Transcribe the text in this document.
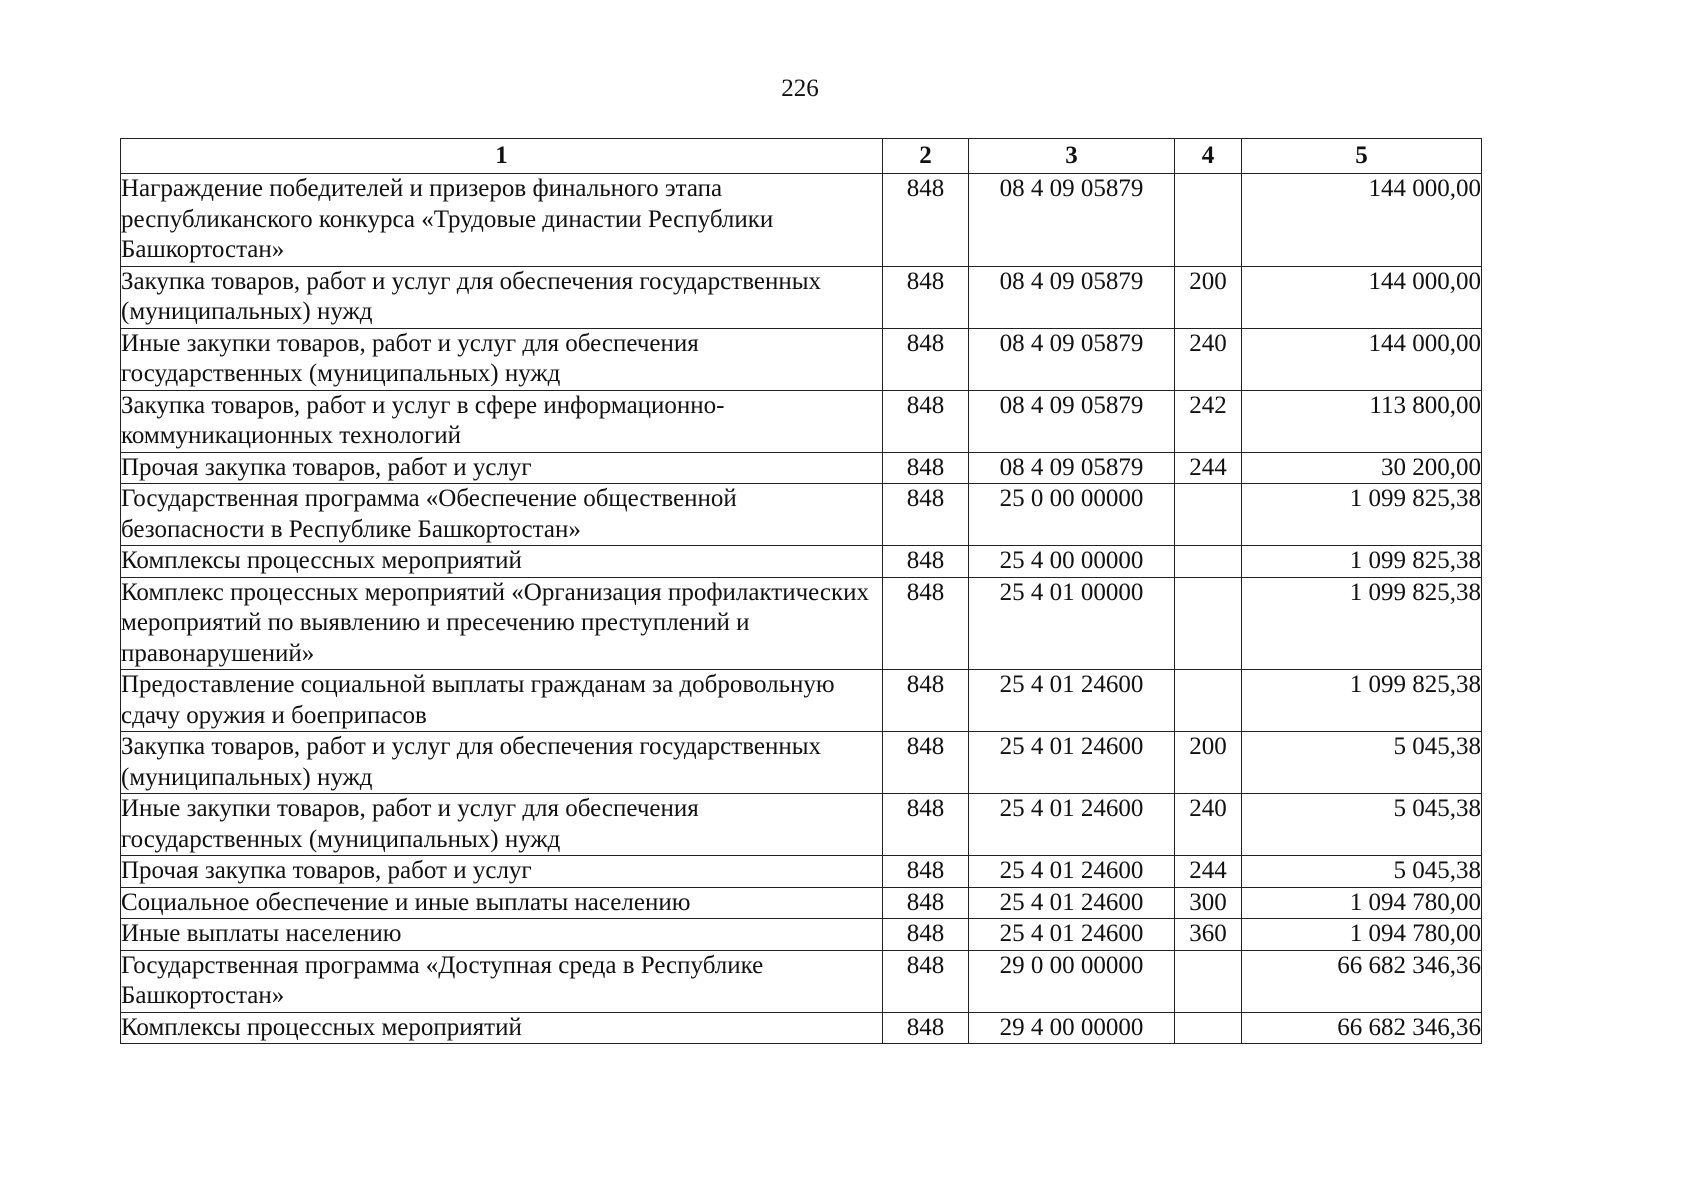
226
1	2	3	4	5
Награждение победителей и призеров финального этапа республиканского конкурса «Трудовые династии Республики Башкортостан»	848	08 4 09 05879		144 000,00
Закупка товаров, работ и услуг для обеспечения государственных (муниципальных) нужд	848	08 4 09 05879	200	144 000,00
Иные закупки товаров, работ и услуг для обеспечения государственных (муниципальных) нужд	848	08 4 09 05879	240	144 000,00
Закупка товаров, работ и услуг в сфере информационно-коммуникационных технологий	848	08 4 09 05879	242	113 800,00
Прочая закупка товаров, работ и услуг	848	08 4 09 05879	244	30 200,00
Государственная программа «Обеспечение общественной безопасности в Республике Башкортостан»	848	25 0 00 00000		1 099 825,38
Комплексы процессных мероприятий	848	25 4 00 00000		1 099 825,38
Комплекс процессных мероприятий «Организация профилактических мероприятий по выявлению и пресечению преступлений и правонарушений»	848	25 4 01 00000		1 099 825,38
Предоставление социальной выплаты гражданам за добровольную сдачу оружия и боеприпасов	848	25 4 01 24600		1 099 825,38
Закупка товаров, работ и услуг для обеспечения государственных (муниципальных) нужд	848	25 4 01 24600	200	5 045,38
Иные закупки товаров, работ и услуг для обеспечения государственных (муниципальных) нужд	848	25 4 01 24600	240	5 045,38
Прочая закупка товаров, работ и услуг	848	25 4 01 24600	244	5 045,38
Социальное обеспечение и иные выплаты населению	848	25 4 01 24600	300	1 094 780,00
Иные выплаты населению	848	25 4 01 24600	360	1 094 780,00
Государственная программа «Доступная среда в Республике Башкортостан»	848	29 0 00 00000		66 682 346,36
Комплексы процессных мероприятий	848	29 4 00 00000		66 682 346,36
